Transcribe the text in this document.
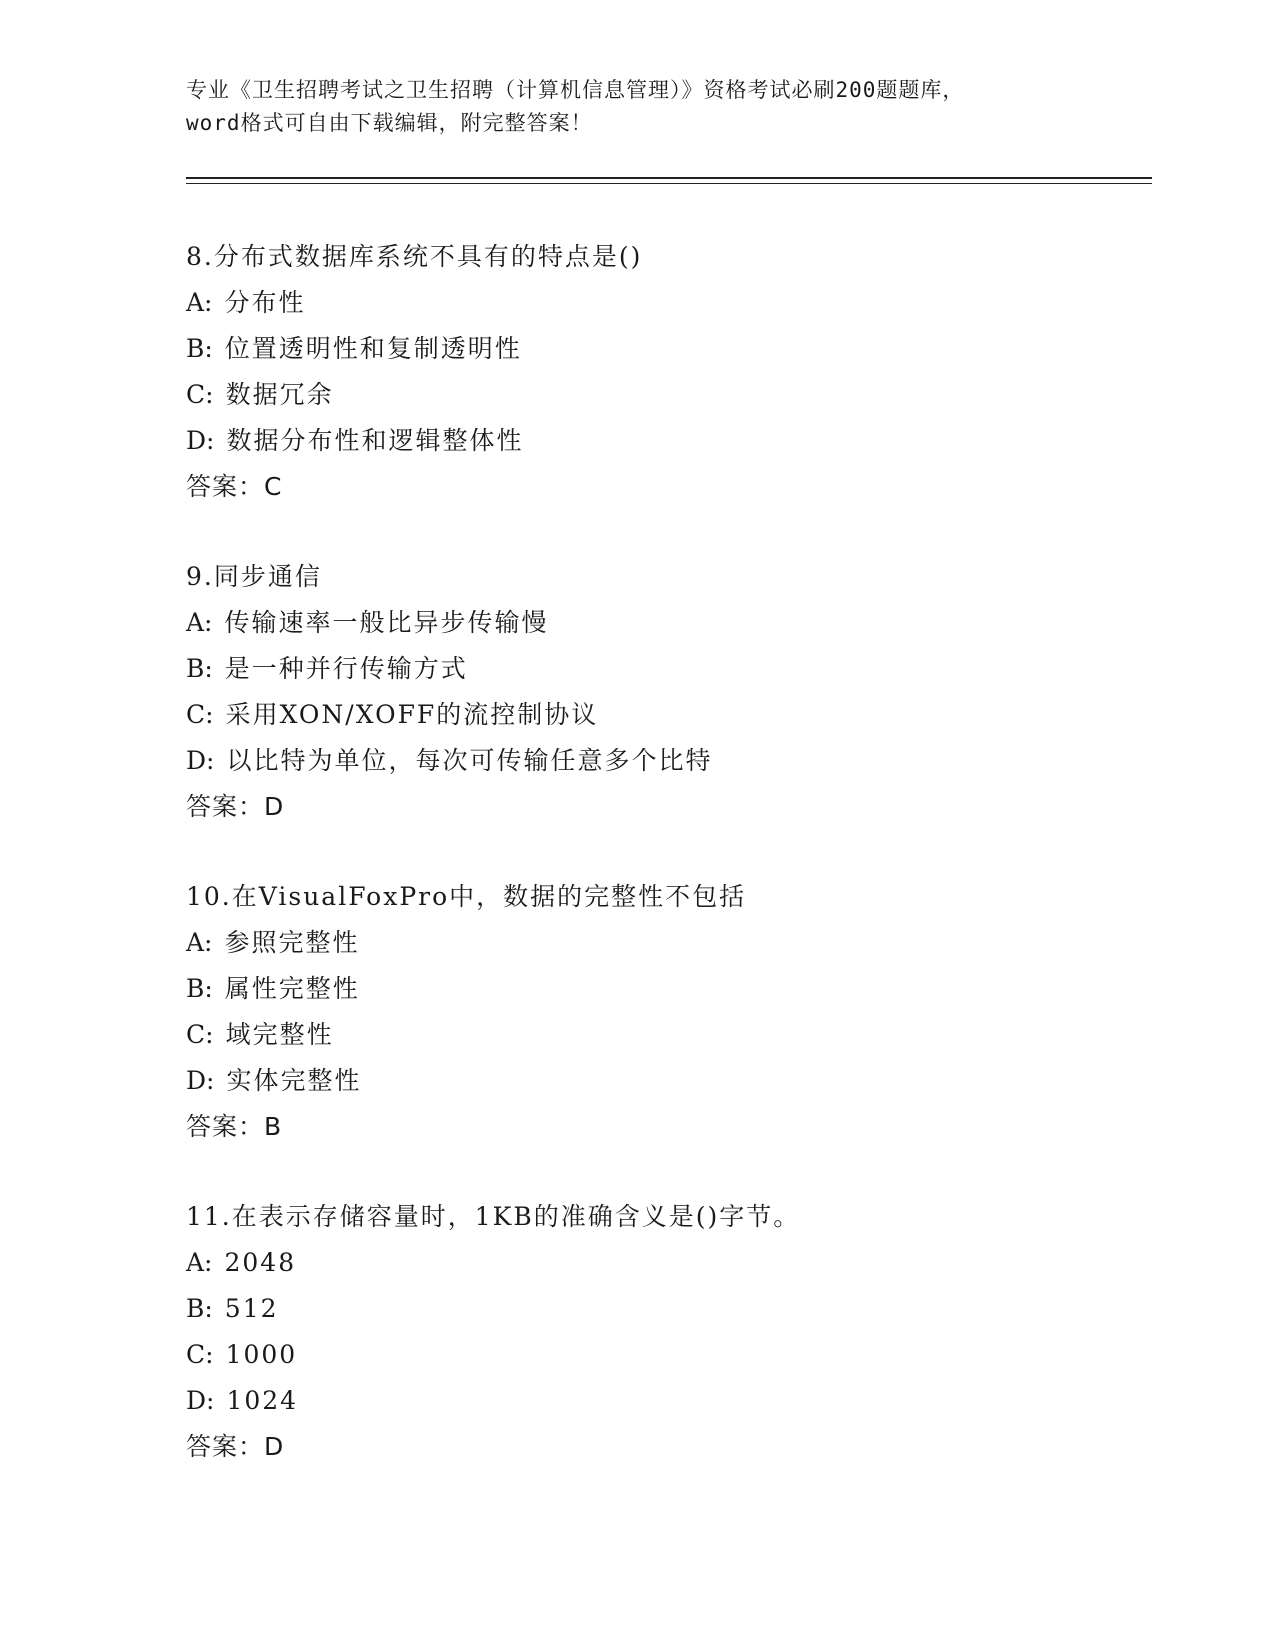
专业《卫生招聘考试之卫生招聘（计算机信息管理）》资格考试必刷200题题库，
word格式可自由下载编辑，附完整答案！
8.分布式数据库系统不具有的特点是()
A: 分布性
B: 位置透明性和复制透明性
C: 数据冗余
D: 数据分布性和逻辑整体性
答案：C
9.同步通信
A: 传输速率一般比异步传输慢
B: 是一种并行传输方式
C: 采用XON/XOFF的流控制协议
D: 以比特为单位，每次可传输任意多个比特
答案：D
10.在VisualFoxPro中，数据的完整性不包括
A: 参照完整性
B: 属性完整性
C: 域完整性
D: 实体完整性
答案：B
11.在表示存储容量时，1KB的准确含义是()字节。
A: 2048
B: 512
C: 1000
D: 1024
答案：D
